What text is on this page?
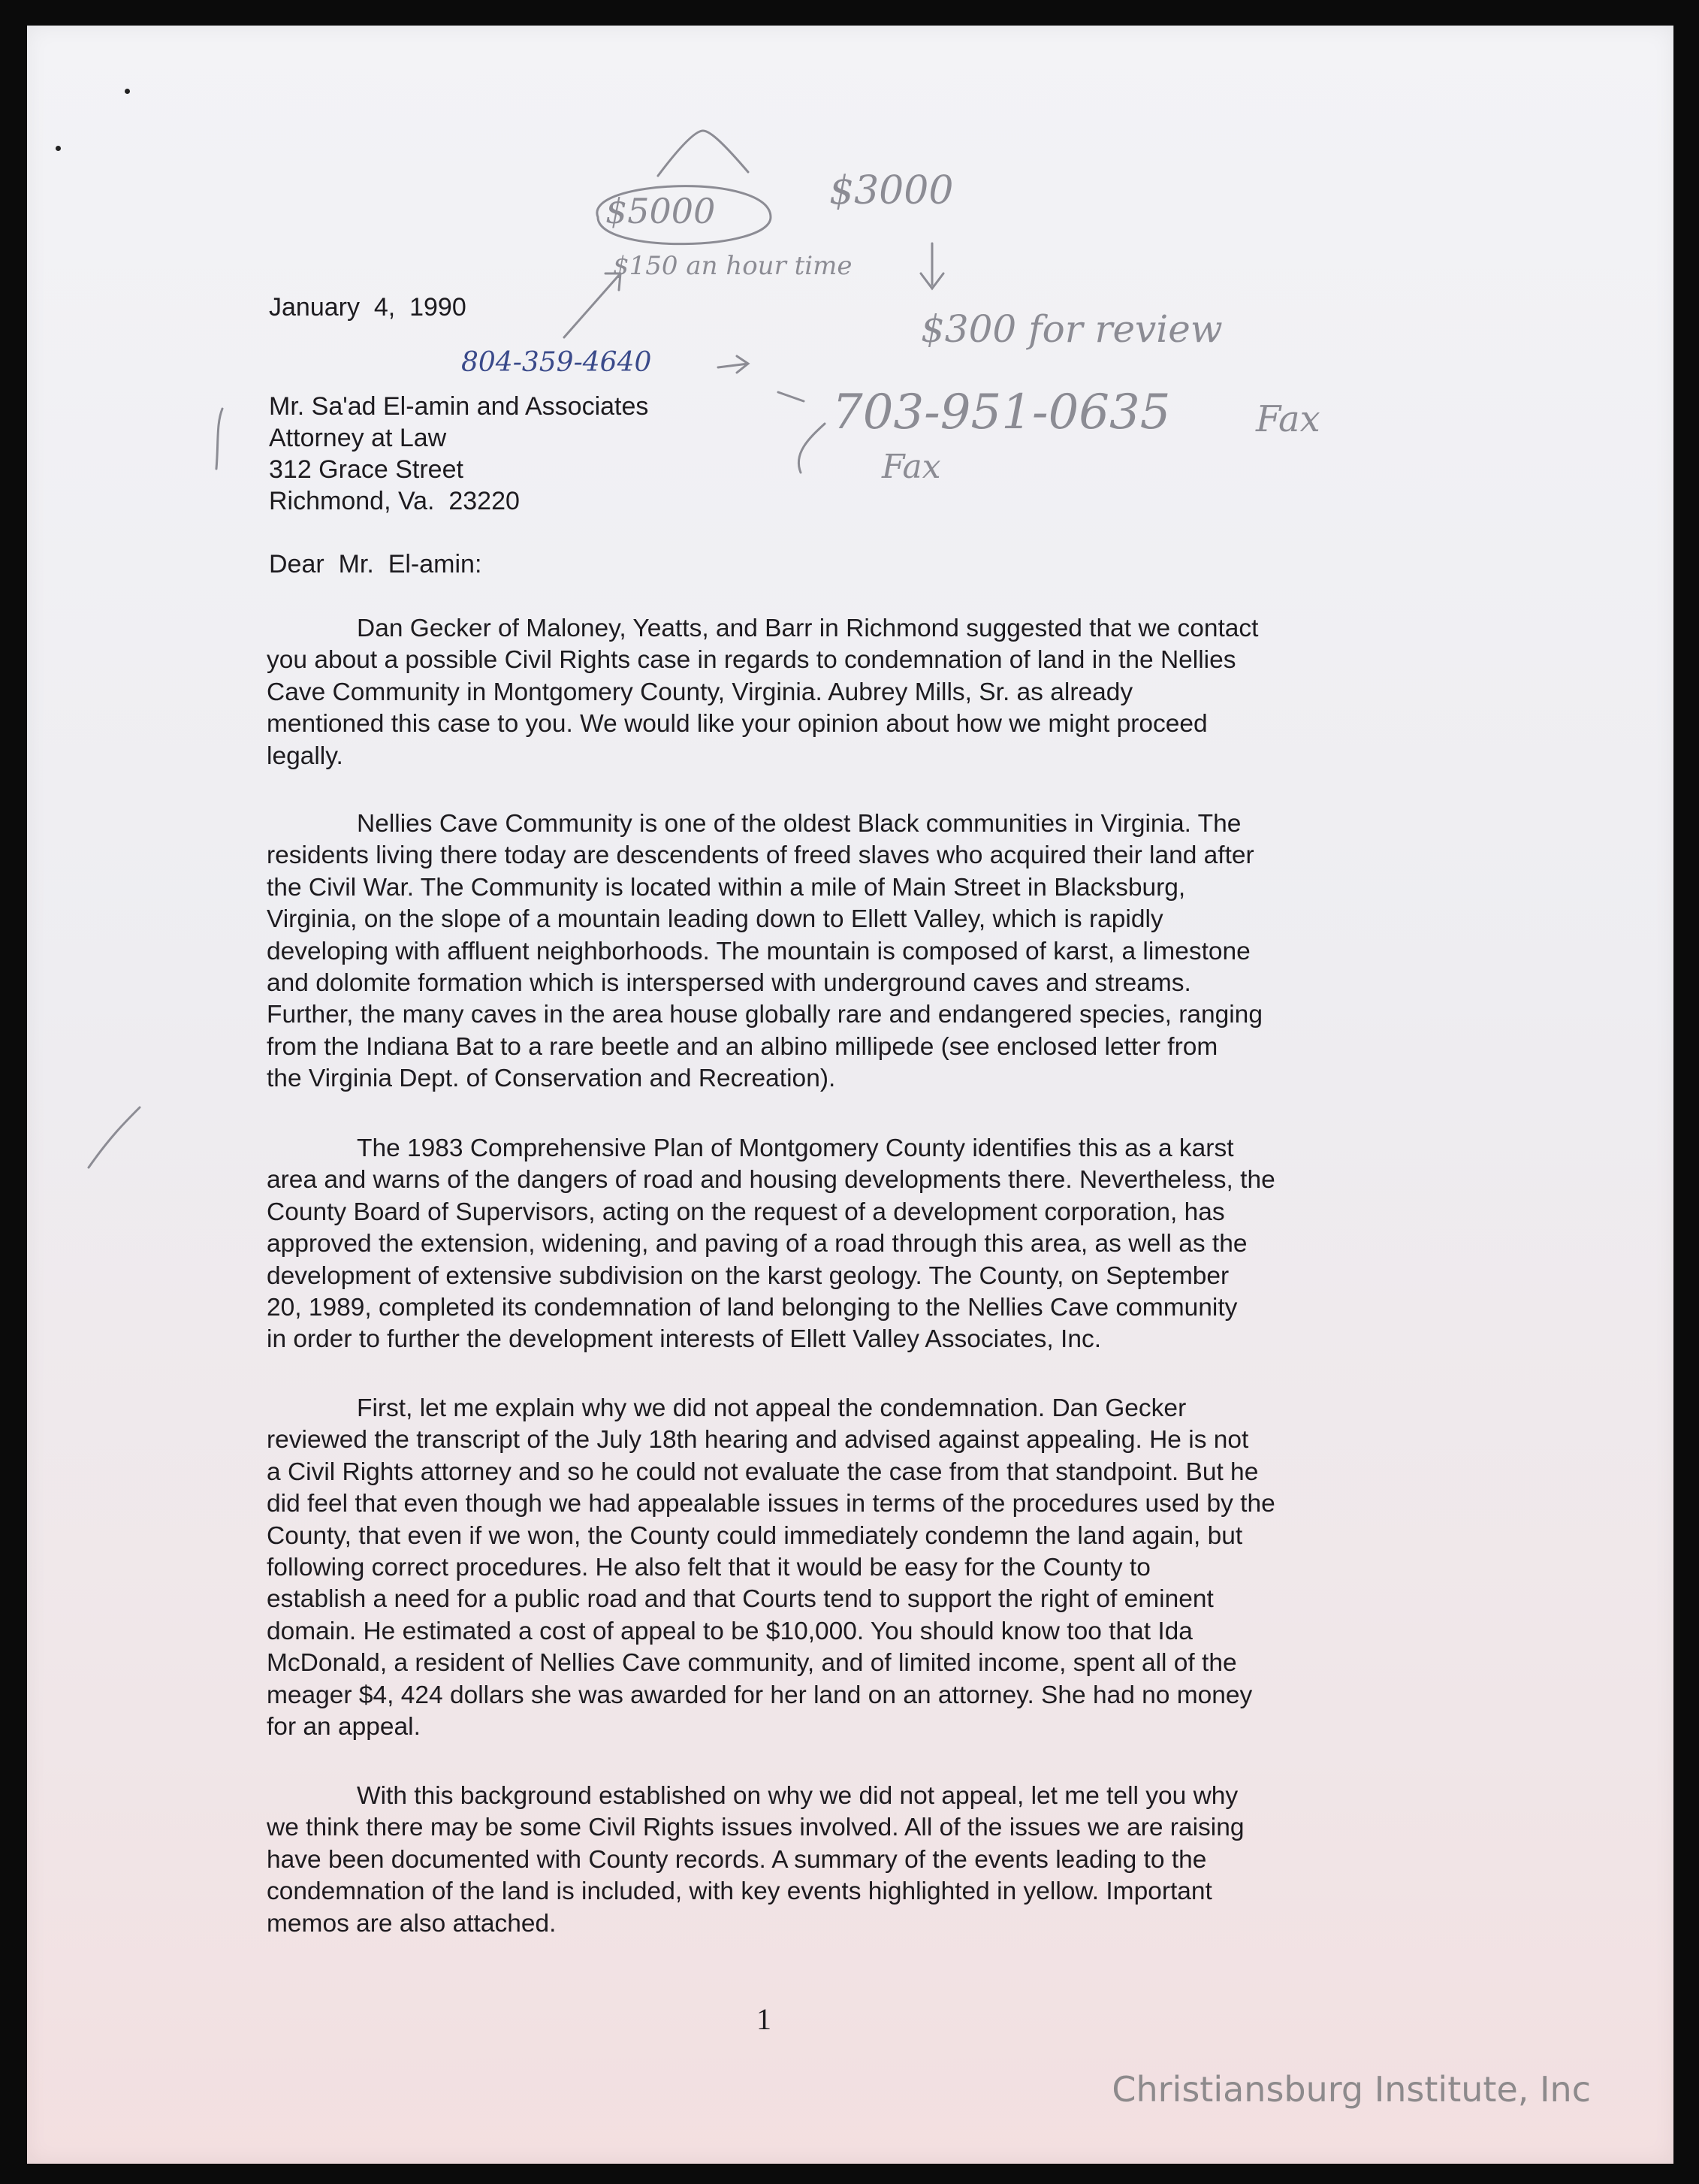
$5000	$3000

$150 an hour time

$300 for review

804-359-4640

703-951-0635 Fax

Fax

January  4,  1990

Mr. Sa'ad El-amin and Associates

Attorney at Law

312 Grace Street

Richmond, Va.  23220

Dear  Mr.  El-amin:

Dan Gecker of Maloney, Yeatts, and Barr in Richmond suggested that we contact
you about a possible Civil Rights case in regards to condemnation of land in the Nellies
Cave Community in Montgomery County, Virginia. Aubrey Mills, Sr. as already
mentioned this case to you. We would like your opinion about how we might proceed
legally.
Nellies Cave Community is one of the oldest Black communities in Virginia. The
residents living there today are descendents of freed slaves who acquired their land after
the Civil War. The Community is located within a mile of Main Street in Blacksburg,
Virginia, on the slope of a mountain leading down to Ellett Valley, which is rapidly
developing with affluent neighborhoods. The mountain is composed of karst, a limestone
and dolomite formation which is interspersed with underground caves and streams.
Further, the many caves in the area house globally rare and endangered species, ranging
from the Indiana Bat to a rare beetle and an albino millipede (see enclosed letter from
the Virginia Dept. of Conservation and Recreation).
The 1983 Comprehensive Plan of Montgomery County identifies this as a karst
area and warns of the dangers of road and housing developments there. Nevertheless, the
County Board of Supervisors, acting on the request of a development corporation, has
approved the extension, widening, and paving of a road through this area, as well as the
development of extensive subdivision on the karst geology. The County, on September
20, 1989, completed its condemnation of land belonging to the Nellies Cave community
in order to further the development interests of Ellett Valley Associates, Inc.
First, let me explain why we did not appeal the condemnation. Dan Gecker
reviewed the transcript of the July 18th hearing and advised against appealing. He is not
a Civil Rights attorney and so he could not evaluate the case from that standpoint. But he
did feel that even though we had appealable issues in terms of the procedures used by the
County, that even if we won, the County could immediately condemn the land again, but
following correct procedures. He also felt that it would be easy for the County to
establish a need for a public road and that Courts tend to support the right of eminent
domain. He estimated a cost of appeal to be $10,000. You should know too that Ida
McDonald, a resident of Nellies Cave community, and of limited income, spent all of the
meager $4, 424 dollars she was awarded for her land on an attorney. She had no money
for an appeal.
With this background established on why we did not appeal, let me tell you why
we think there may be some Civil Rights issues involved. All of the issues we are raising
have been documented with County records. A summary of the events leading to the
condemnation of the land is included, with key events highlighted in yellow. Important
memos are also attached.
1
Christiansburg Institute, Inc
